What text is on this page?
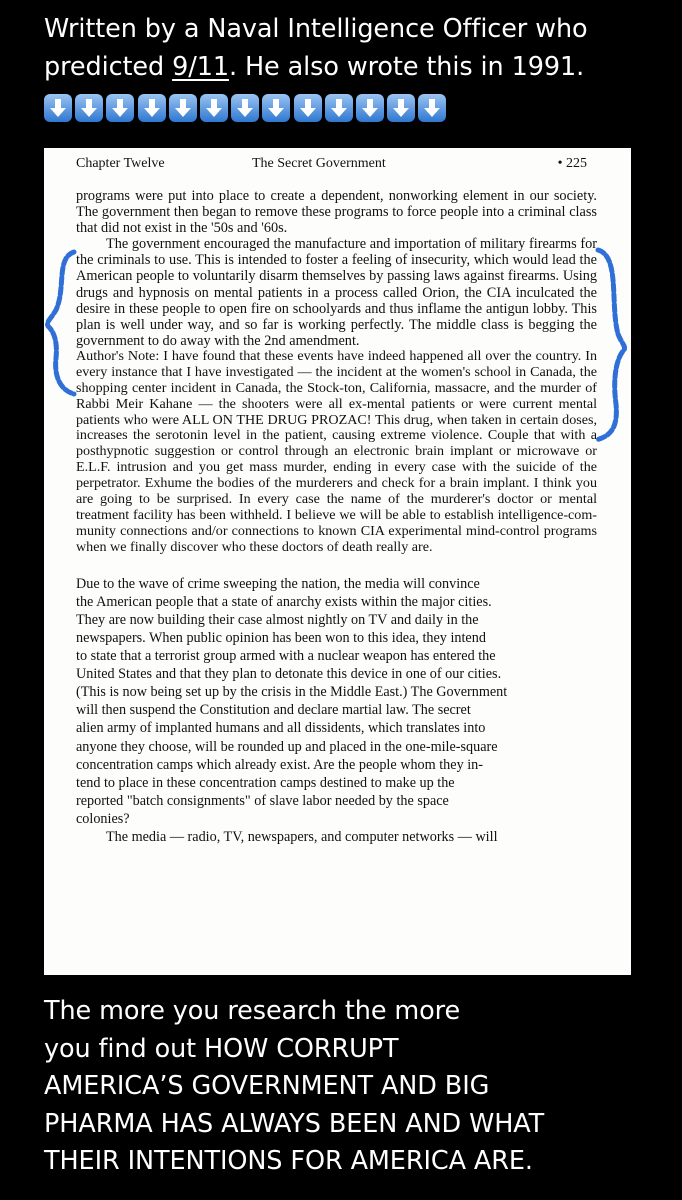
Written by a Naval Intelligence Officer who predicted 9/11. He also wrote this in 1991.
Chapter Twelve	The Secret Government	• 225

programs were put into place to create a dependent, nonworking element in our society. The government then began to remove these programs to force people into a criminal class that did not exist in the '50s and '60s.

The government encouraged the manufacture and importation of military firearms for the criminals to use. This is intended to foster a feeling of insecurity, which would lead the American people to voluntarily disarm themselves by passing laws against firearms. Using drugs and hypnosis on mental patients in a process called Orion, the CIA inculcated the desire in these people to open fire on schoolyards and thus inflame the antigun lobby. This plan is well under way, and so far is working perfectly. The middle class is begging the government to do away with the 2nd amendment.

Author's Note: I have found that these events have indeed happened all over the country. In every instance that I have investigated — the incident at the women's school in Canada, the shopping center incident in Canada, the Stock-ton, California, massacre, and the murder of Rabbi Meir Kahane — the shooters were all ex-mental patients or were current mental patients who were ALL ON THE DRUG PROZAC! This drug, when taken in certain doses, increases the serotonin level in the patient, causing extreme violence. Couple that with a posthypnotic suggestion or control through an electronic brain implant or microwave or E.L.F. intrusion and you get mass murder, ending in every case with the suicide of the perpetrator. Exhume the bodies of the murderers and check for a brain implant. I think you are going to be surprised. In every case the name of the murderer's doctor or mental treatment facility has been withheld. I believe we will be able to establish intelligence-com-munity connections and/or connections to known CIA experimental mind-control programs when we finally discover who these doctors of death really are.

Due to the wave of crime sweeping the nation, the media will convince
the American people that a state of anarchy exists within the major cities.
They are now building their case almost nightly on TV and daily in the
newspapers. When public opinion has been won to this idea, they intend
to state that a terrorist group armed with a nuclear weapon has entered the
United States and that they plan to detonate this device in one of our cities.
(This is now being set up by the crisis in the Middle East.) The Government
will then suspend the Constitution and declare martial law. The secret
alien army of implanted humans and all dissidents, which translates into
anyone they choose, will be rounded up and placed in the one-mile-square
concentration camps which already exist. Are the people whom they in-
tend to place in these concentration camps destined to make up the
reported "batch consignments" of slave labor needed by the space
colonies?
The media — radio, TV, newspapers, and computer networks — will
The more you research the more
you find out HOW CORRUPT
AMERICA’S GOVERNMENT AND BIG
PHARMA HAS ALWAYS BEEN AND WHAT
THEIR INTENTIONS FOR AMERICA ARE.
